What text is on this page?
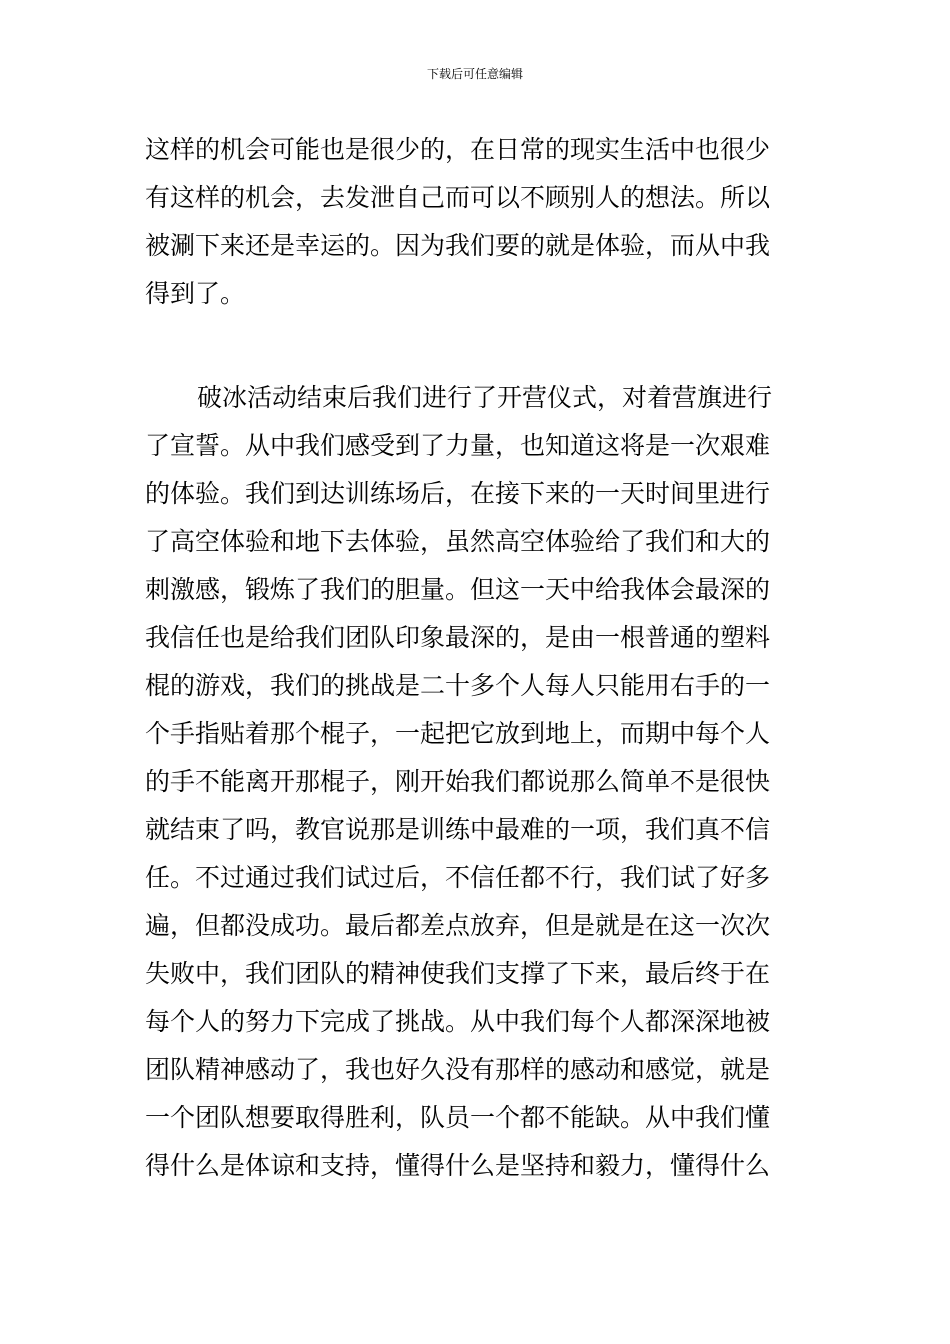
下载后可任意编辑
这样的机会可能也是很少的，在日常的现实生活中也很少
有这样的机会，去发泄自己而可以不顾别人的想法。所以
被涮下来还是幸运的。因为我们要的就是体验，而从中我
得到了。
破冰活动结束后我们进行了开营仪式，对着营旗进行
了宣誓。从中我们感受到了力量，也知道这将是一次艰难
的体验。我们到达训练场后，在接下来的一天时间里进行
了高空体验和地下去体验，虽然高空体验给了我们和大的
刺激感，锻炼了我们的胆量。但这一天中给我体会最深的
我信任也是给我们团队印象最深的，是由一根普通的塑料
棍的游戏，我们的挑战是二十多个人每人只能用右手的一
个手指贴着那个棍子，一起把它放到地上，而期中每个人
的手不能离开那棍子，刚开始我们都说那么简单不是很快
就结束了吗，教官说那是训练中最难的一项，我们真不信
任。不过通过我们试过后，不信任都不行，我们试了好多
遍，但都没成功。最后都差点放弃，但是就是在这一次次
失败中，我们团队的精神使我们支撑了下来，最后终于在
每个人的努力下完成了挑战。从中我们每个人都深深地被
团队精神感动了，我也好久没有那样的感动和感觉，就是
一个团队想要取得胜利，队员一个都不能缺。从中我们懂
得什么是体谅和支持，懂得什么是坚持和毅力，懂得什么
